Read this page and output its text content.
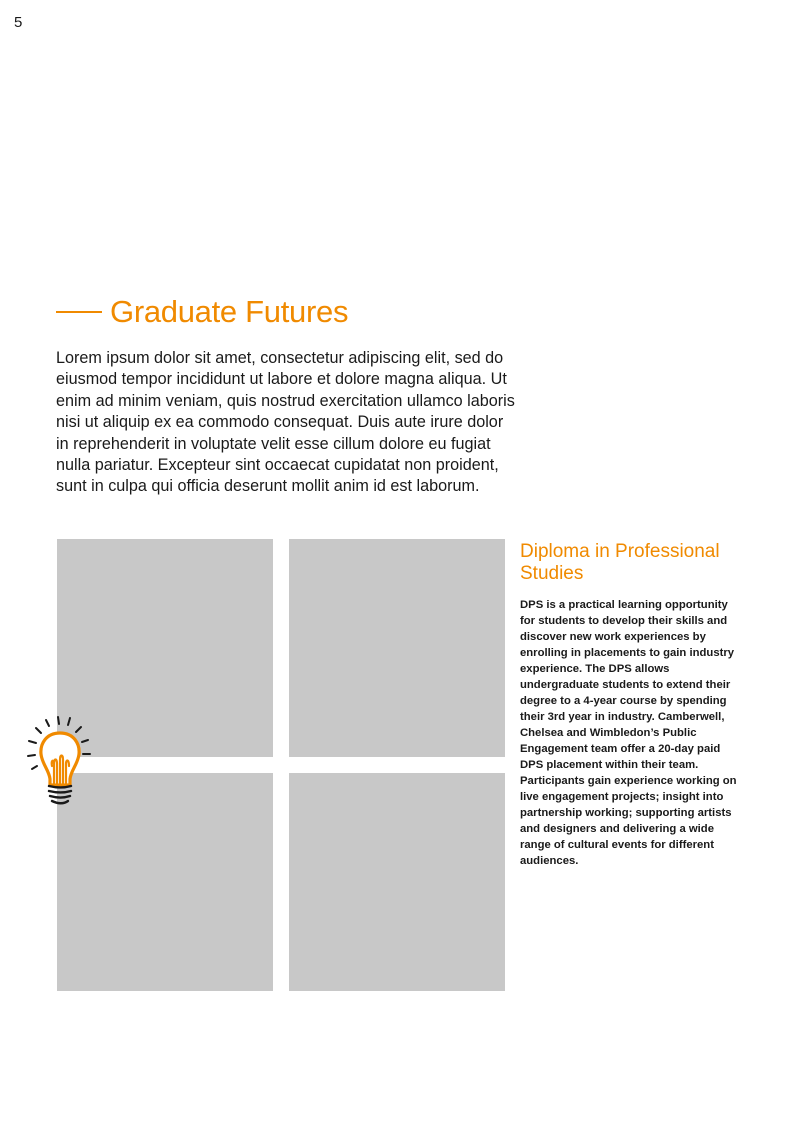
5
Graduate Futures

Lorem ipsum dolor sit amet, consectetur adipiscing elit, sed do eiusmod tempor incididunt ut labore et dolore magna aliqua. Ut enim ad minim veniam, quis nostrud exercitation ullamco laboris nisi ut aliquip ex ea commodo consequat. Duis aute irure dolor in reprehenderit in voluptate velit esse cillum dolore eu fugiat nulla pariatur. Excepteur sint occaecat cupidatat non proident, sunt in culpa qui officia deserunt mollit anim id est laborum.

Diploma in Professional Studies
DPS is a practical learning opportunity for students to develop their skills and discover new work experiences by enrolling in placements to gain industry experience. The DPS allows undergraduate students to extend their degree to a 4-year course by spending their 3rd year in industry. Camberwell, Chelsea and Wimbledon’s Public Engagement team offer a 20-day paid DPS placement within their team. Participants gain experience working on live engagement projects; insight into partnership working; supporting artists and designers and delivering a wide range of cultural events for different audiences.
